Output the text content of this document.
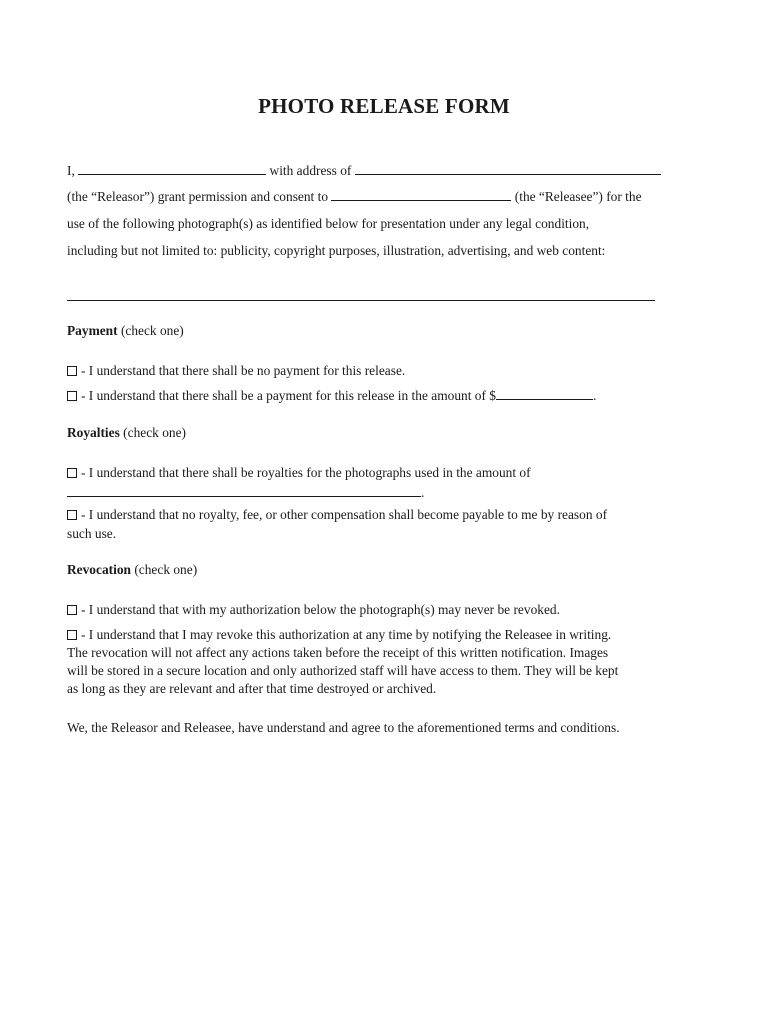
PHOTO RELEASE FORM
I,	with address of
(the “Releasor”) grant permission and consent to	(the “Releasee”) for the
use of the following photograph(s) as identified below for presentation under any legal condition,
including but not limited to: publicity, copyright purposes, illustration, advertising, and web content:
Payment (check one)
- I understand that there shall be no payment for this release.
- I understand that there shall be a payment for this release in the amount of $	.
Royalties (check one)
- I understand that there shall be royalties for the photographs used in the amount of
.
- I understand that no royalty, fee, or other compensation shall become payable to me by reason of
such use.
Revocation (check one)
- I understand that with my authorization below the photograph(s) may never be revoked.
- I understand that I may revoke this authorization at any time by notifying the Releasee in writing.
The revocation will not affect any actions taken before the receipt of this written notification. Images
will be stored in a secure location and only authorized staff will have access to them. They will be kept
as long as they are relevant and after that time destroyed or archived.
We, the Releasor and Releasee, have understand and agree to the aforementioned terms and conditions.
